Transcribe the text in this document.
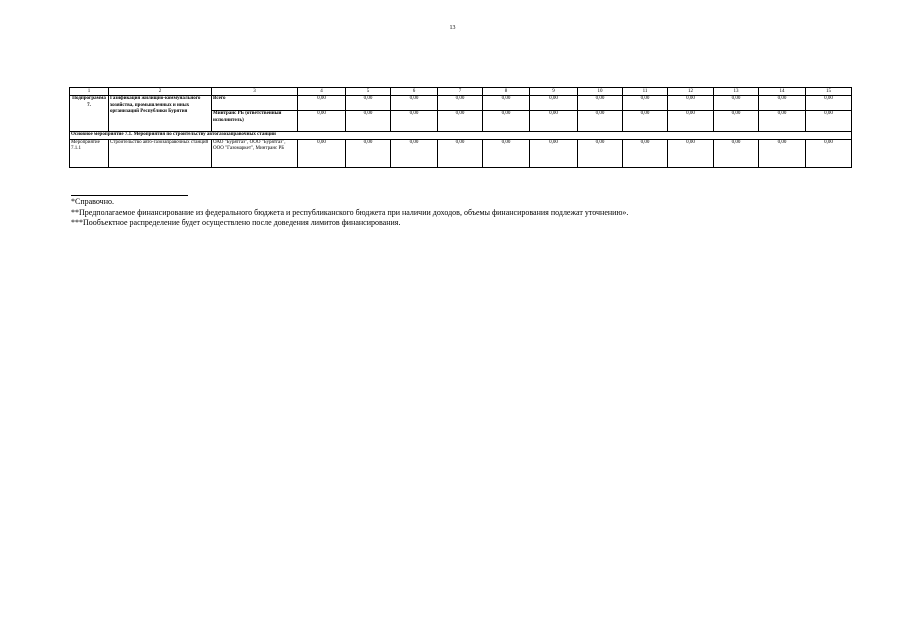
13
1	2	3	4	5	6	7	8	9	10	11	12	13	14	15
Подпрограмма 7.	Газификация жилищно-коммунального хозяйства, промышленных и иных организаций Республики Бурятия	Всего	0,00	0,00	0,00	0,00	0,00	0,00	0,00	0,00	0,00	0,00	0,00	0,00
		Минтранс РБ (ответственный исполнитель)	0,00	0,00	0,00	0,00	0,00	0,00	0,00	0,00	0,00	0,00	0,00	0,00
Основное мероприятие 7.1. Мероприятия по строительству автогазозаправочных станций														
Мероприятие 7.1.1	Строительство авто-газозаправочных станций	ОАО "Бурятгаз", ООО "Бурятгаз", ООО "Газомаркет", Минтранс РБ	0,00	0,00	0,00	0,00	0,00	0,00	0,00	0,00	0,00	0,00	0,00	0,00
*Справочно.
**Предполагаемое финансирование из федерального бюджета и республиканского бюджета при наличии доходов, объемы финансирования подлежат уточнению».
***Пообъектное распределение будет осуществлено после доведения лимитов финансирования.
